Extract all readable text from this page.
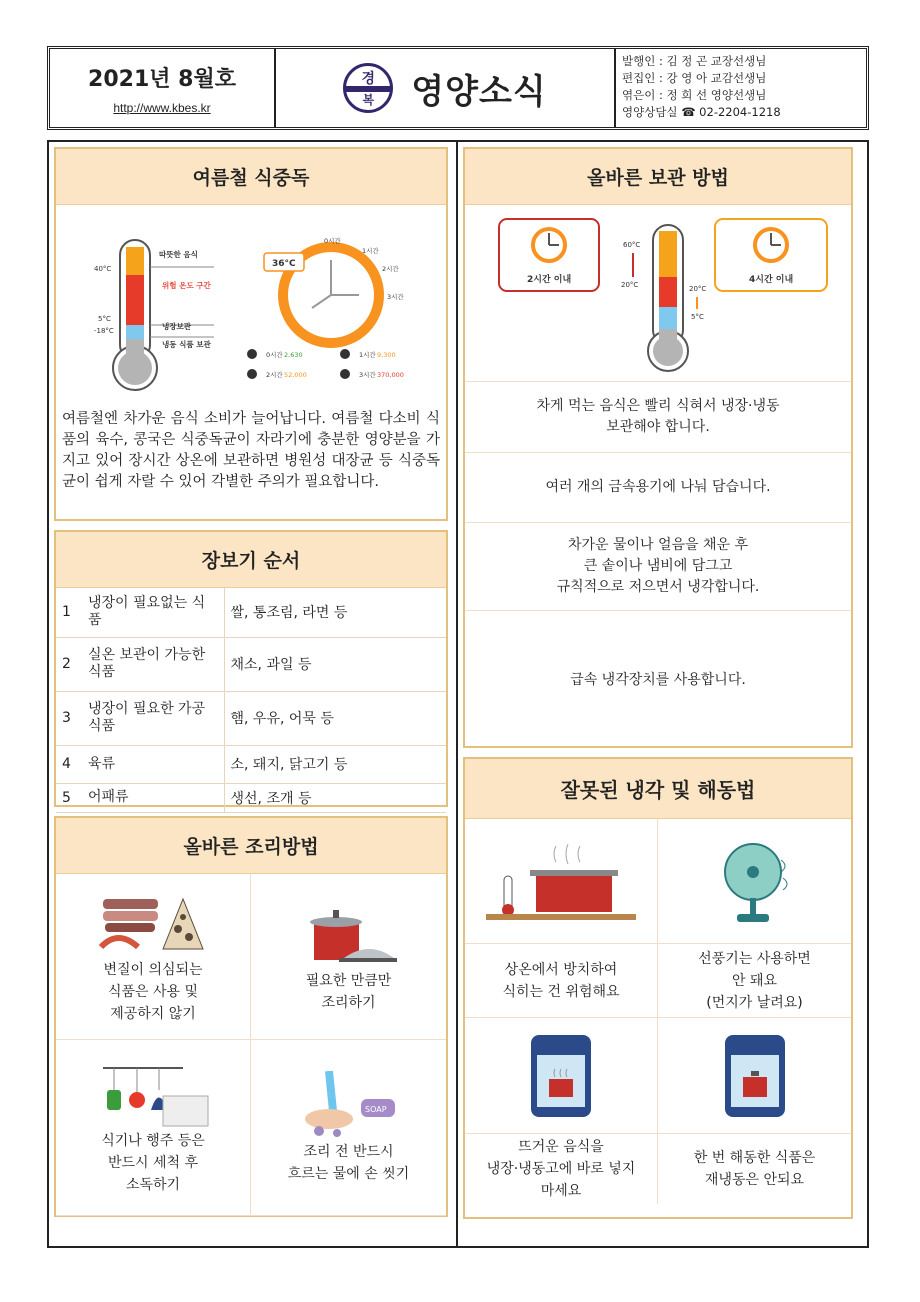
2021년 8월호
http://www.kbes.kr
경
복	영양소식
발행인 : 김 정 곤 교장선생님
편집인 : 강 영 아 교감선생님
엮은이 : 정 희 선 영양선생님
영양상담실 ☎ 02-2204-1218
여름철 식중독
40°C
5°C
-18°C
따뜻한 음식
위험 온도 구간
냉장보관
냉동 식품 보관
36°C
0시간
1시간
2시간
3시간
0시간 2,630	1시간 9,300
2시간 52,000	3시간 370,000
여름철엔 차가운 음식 소비가 늘어납니다. 여름철 다소비 식품의 육수, 콩국은 식중독균이 자라기에 충분한 영양분을 가지고 있어 장시간 상온에 보관하면 병원성 대장균 등 식중독균이 쉽게 자랄 수 있어 각별한 주의가 필요합니다.
장보기 순서
1	냉장이 필요없는 식품	쌀, 통조림, 라면 등
2	실온 보관이 가능한 식품	채소, 과일 등
3	냉장이 필요한 가공식품	햄, 우유, 어묵 등
4	육류	소, 돼지, 닭고기 등
5	어패류	생선, 조개 등
올바른 조리방법
변질이 의심되는
식품은 사용 및
제공하지 않기
필요한 만큼만
조리하기
식기나 행주 등은
반드시 세척 후
소독하기
SOAP
조리 전 반드시
흐르는 물에 손 씻기
올바른 보관 방법
2시간 이내
60°C
20°C	20°C
5°C
4시간 이내
차게 먹는 음식은 빨리 식혀서 냉장·냉동
보관해야 합니다.
여러 개의 금속용기에 나눠 담습니다.
차가운 물이나 얼음을 채운 후
큰 솥이나 냄비에 담그고
규칙적으로 저으면서 냉각합니다.
급속 냉각장치를 사용합니다.
잘못된 냉각 및 해동법
상온에서 방치하여
식히는 건 위험해요
선풍기는 사용하면
안 돼요
(먼지가 날려요)
뜨거운 음식을
냉장·냉동고에 바로 넣지
마세요
한 번 해동한 식품은
재냉동은 안되요
